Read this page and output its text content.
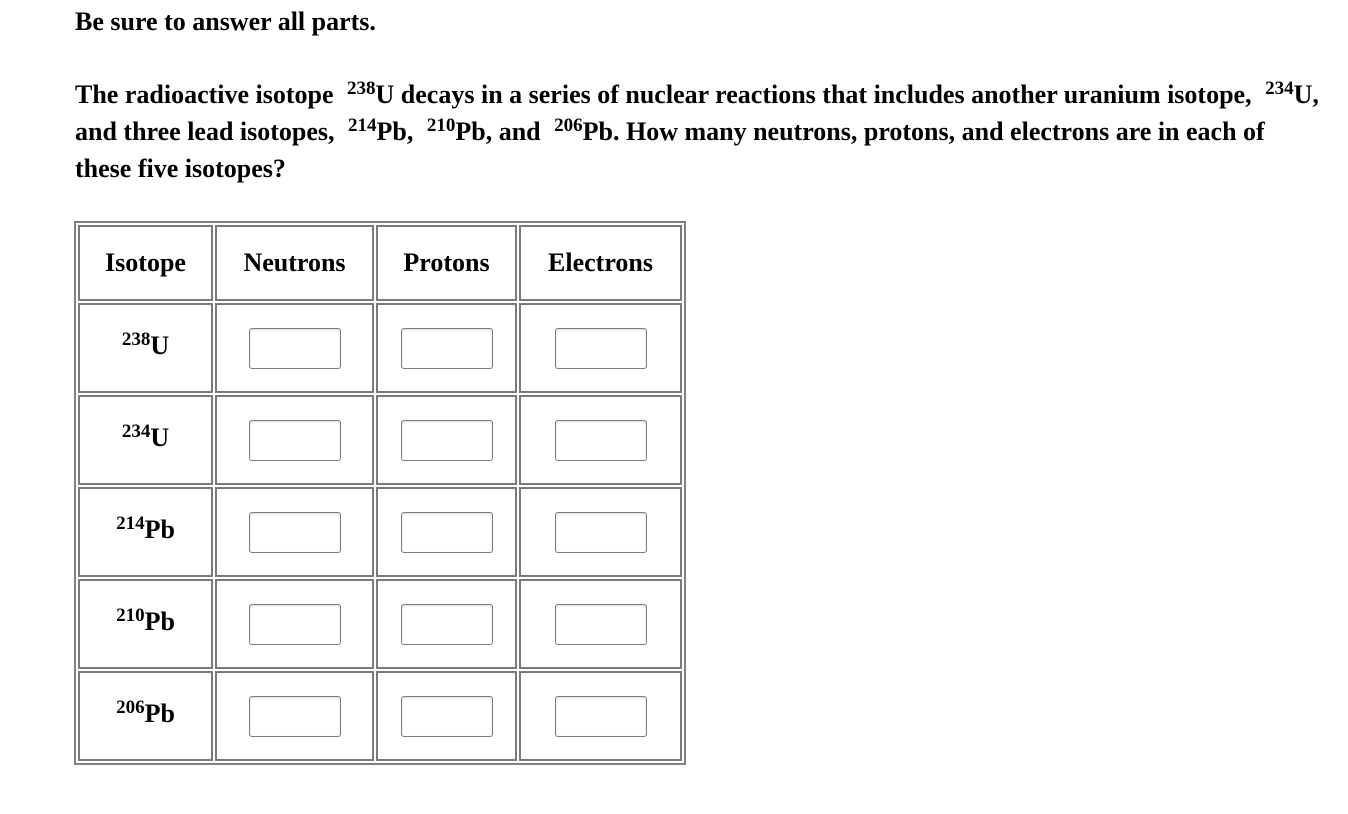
Be sure to answer all parts.

The radioactive isotope $^{238}$U decays in a series of nuclear reactions that includes another uranium isotope, $^{234}$U, and three lead isotopes, $^{214}$Pb, $^{210}$Pb, and $^{206}$Pb. How many neutrons, protons, and electrons are in each of these five isotopes?

Isotope	Neutrons	Protons	Electrons
$^{238}$U	

$^{234}$U	

$^{214}$Pb	

$^{210}$Pb	

$^{206}$Pb	
